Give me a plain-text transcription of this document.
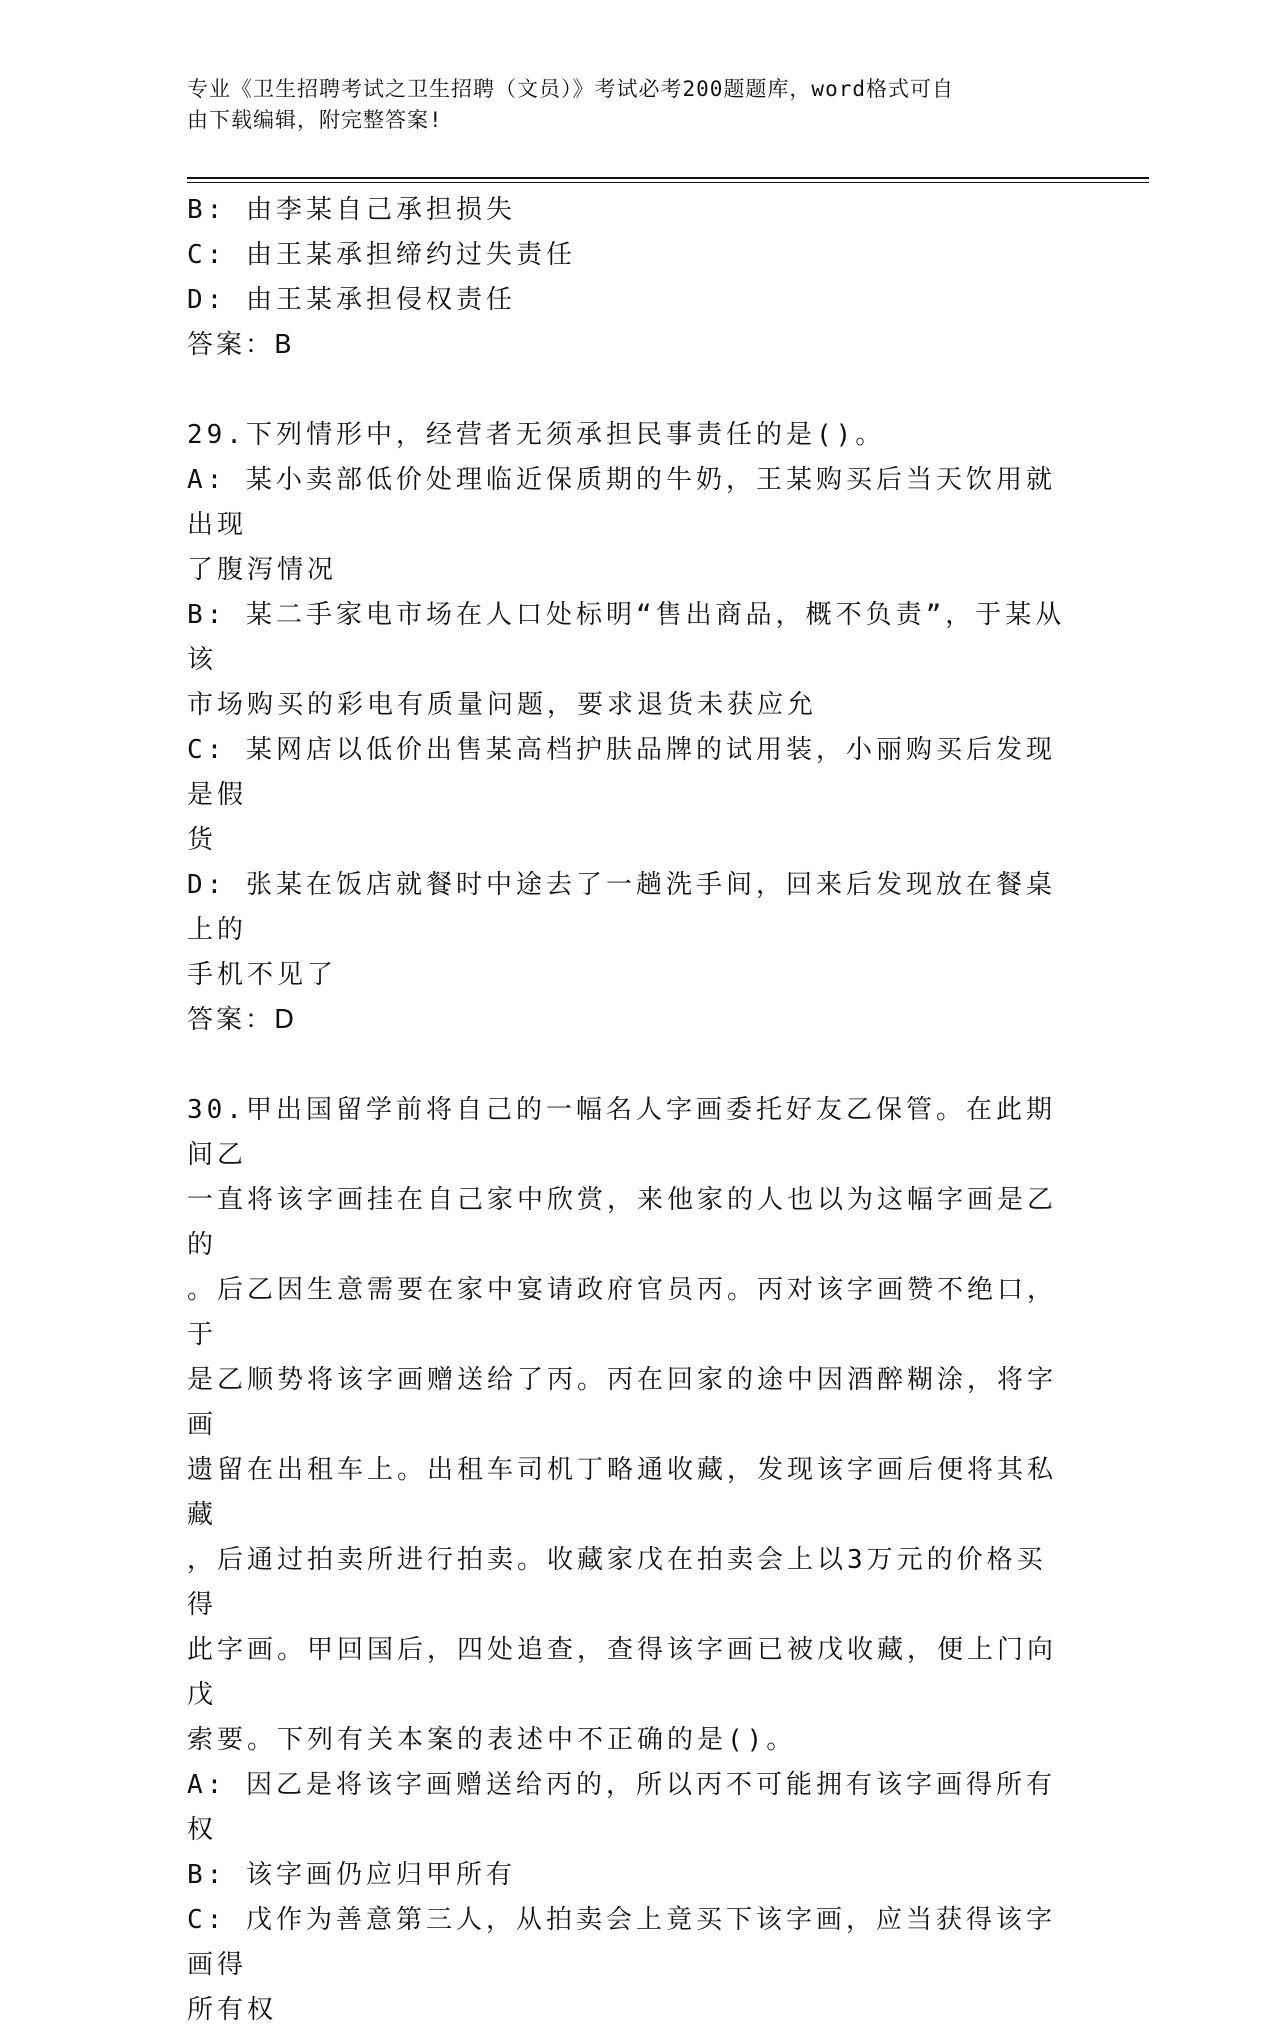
专业《卫生招聘考试之卫生招聘（文员）》考试必考200题题库，word格式可自
由下载编辑，附完整答案!
B: 由李某自己承担损失
C: 由王某承担缔约过失责任
D: 由王某承担侵权责任
答案：B
29.下列情形中，经营者无须承担民事责任的是()。
A: 某小卖部低价处理临近保质期的牛奶，王某购买后当天饮用就出现
了腹泻情况
B: 某二手家电市场在人口处标明“售出商品，概不负责”，于某从该
市场购买的彩电有质量问题，要求退货未获应允
C: 某网店以低价出售某高档护肤品牌的试用装，小丽购买后发现是假
货
D: 张某在饭店就餐时中途去了一趟洗手间，回来后发现放在餐桌上的
手机不见了
答案：D
30.甲出国留学前将自己的一幅名人字画委托好友乙保管。在此期间乙
一直将该字画挂在自己家中欣赏，来他家的人也以为这幅字画是乙的
。后乙因生意需要在家中宴请政府官员丙。丙对该字画赞不绝口，于
是乙顺势将该字画赠送给了丙。丙在回家的途中因酒醉糊涂，将字画
遗留在出租车上。出租车司机丁略通收藏，发现该字画后便将其私藏
，后通过拍卖所进行拍卖。收藏家戊在拍卖会上以3万元的价格买得
此字画。甲回国后，四处追查，查得该字画已被戊收藏，便上门向戊
索要。下列有关本案的表述中不正确的是()。
A: 因乙是将该字画赠送给丙的，所以丙不可能拥有该字画得所有权
B: 该字画仍应归甲所有
C: 戊作为善意第三人，从拍卖会上竟买下该字画，应当获得该字画得
所有权
